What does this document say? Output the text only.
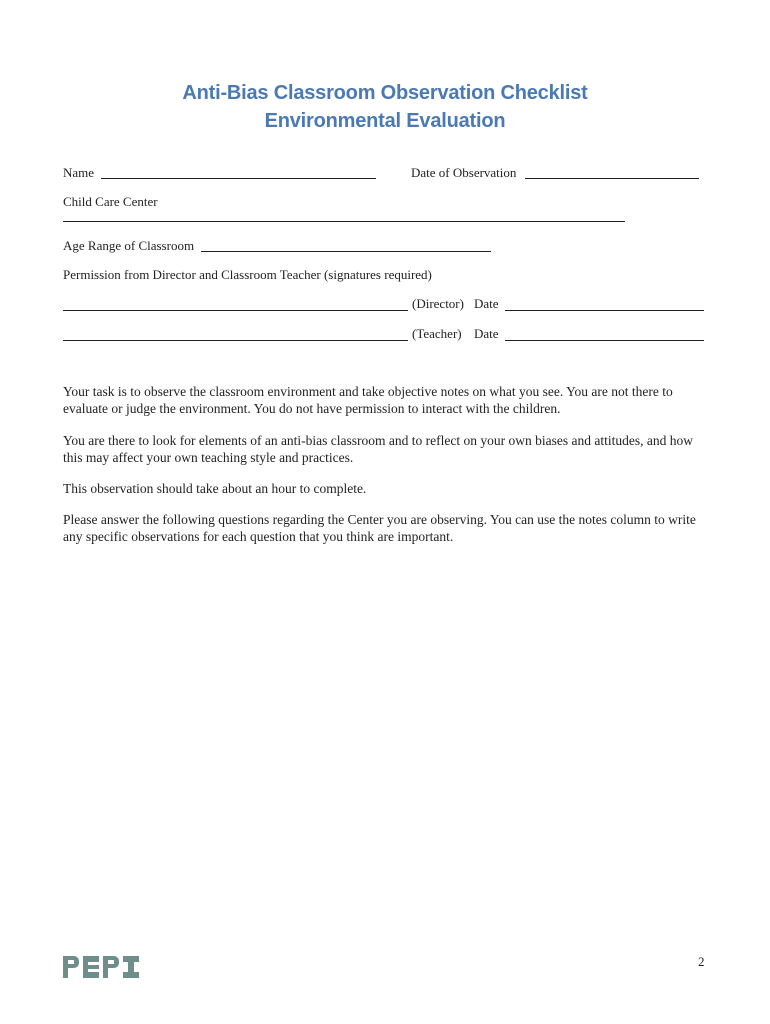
Anti-Bias Classroom Observation Checklist
Environmental Evaluation
Name	Date of Observation
Child Care Center
Age Range of Classroom
Permission from Director and Classroom Teacher (signatures required)
(Director) Date
(Teacher) Date

Your task is to observe the classroom environment and take objective notes on what you see. You are not there to evaluate or judge the environment. You do not have permission to interact with the children.

You are there to look for elements of an anti-bias classroom and to reflect on your own biases and attitudes, and how this may affect your own teaching style and practices.

This observation should take about an hour to complete.

Please answer the following questions regarding the Center you are observing. You can use the notes column to write any specific observations for each question that you think are important.

2
